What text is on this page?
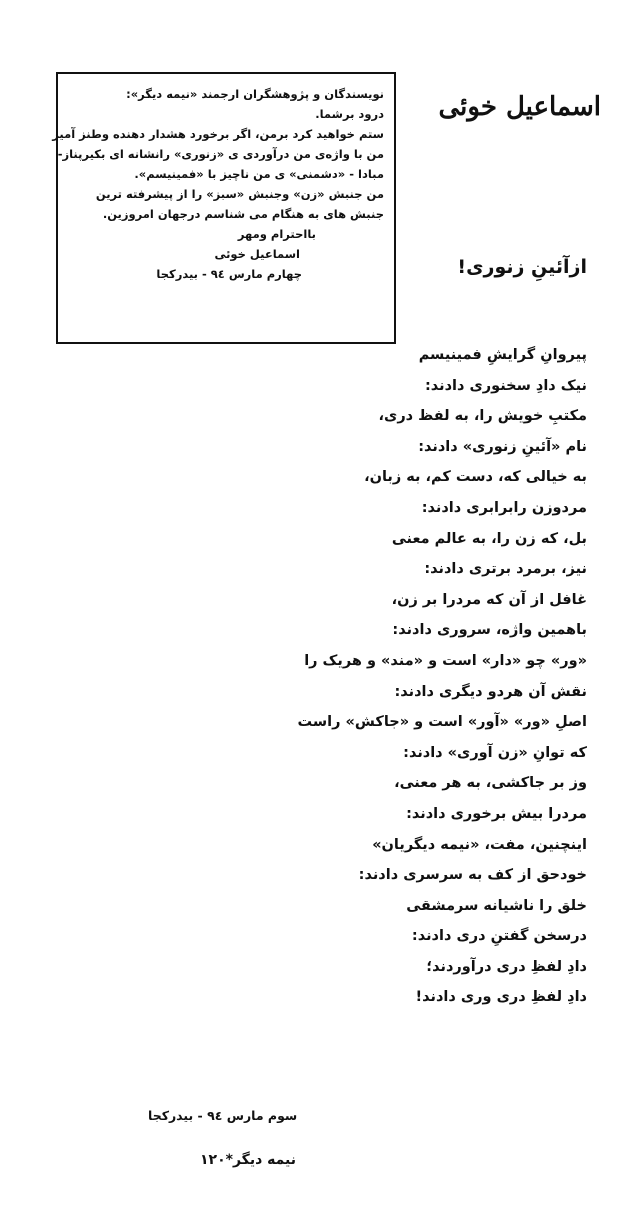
نویسندگان و پژوهشگران ارجمند «نیمه دیگر»:
درود برشما.
ستم خواهید کرد برمن، اگر برخورد هشدار دهنده وطنز آمیز
من با واژه‌ی من درآوردی ی «زنوری» رانشانه ای بکیرپناز-
مبادا - «دشمنی» ی من ناچیز با «فمینیسم».
من جنبش «زن» وجنبش «سبز» را از پیشرفته ترین
جنبش های به هنگام می شناسم درجهان امروزین.
بااحترام ومهر
اسماعیل خوئی
چهارم مارس ۹٤ - بیدرکجا
اسماعیل خوئی
ازآئینِ زنوری!
پیروانِ گرایشِ فمینیسم
نیک دادِ سخنوری دادند:
مکتبِ خویش را، به لفظ دری،
نام «آئینِ زنوری» دادند:
به خیالی که، دست کم، به زبان،
مردوزن رابرابری دادند:
بل، که زن را، به عالم معنی
نیز، برمرد برتری دادند:
غافل از آن که مردرا بر زن،
باهمین واژه، سروری دادند:
«ور» چو «دار» است و «مند» و هریک را
نقش آن هردو دیگری دادند:
اصلِ «ور» «آور» است و «جاکش» راست
که توانِ «زن آوری» دادند:
وز بر جاکشی، به هر معنی،
مردرا بیش برخوری دادند:
اینچنین، مفت، «نیمه دیگریان»
خودحق از کف به سرسری دادند:
خلق را ناشیانه سرمشقی
درسخن گفتنِ دری دادند:
دادِ لفظِ دری درآوردند؛
دادِ لفظِ دری وری دادند!
سوم مارس ۹٤ - بیدرکجا
نیمه دیگر*۱۲۰
